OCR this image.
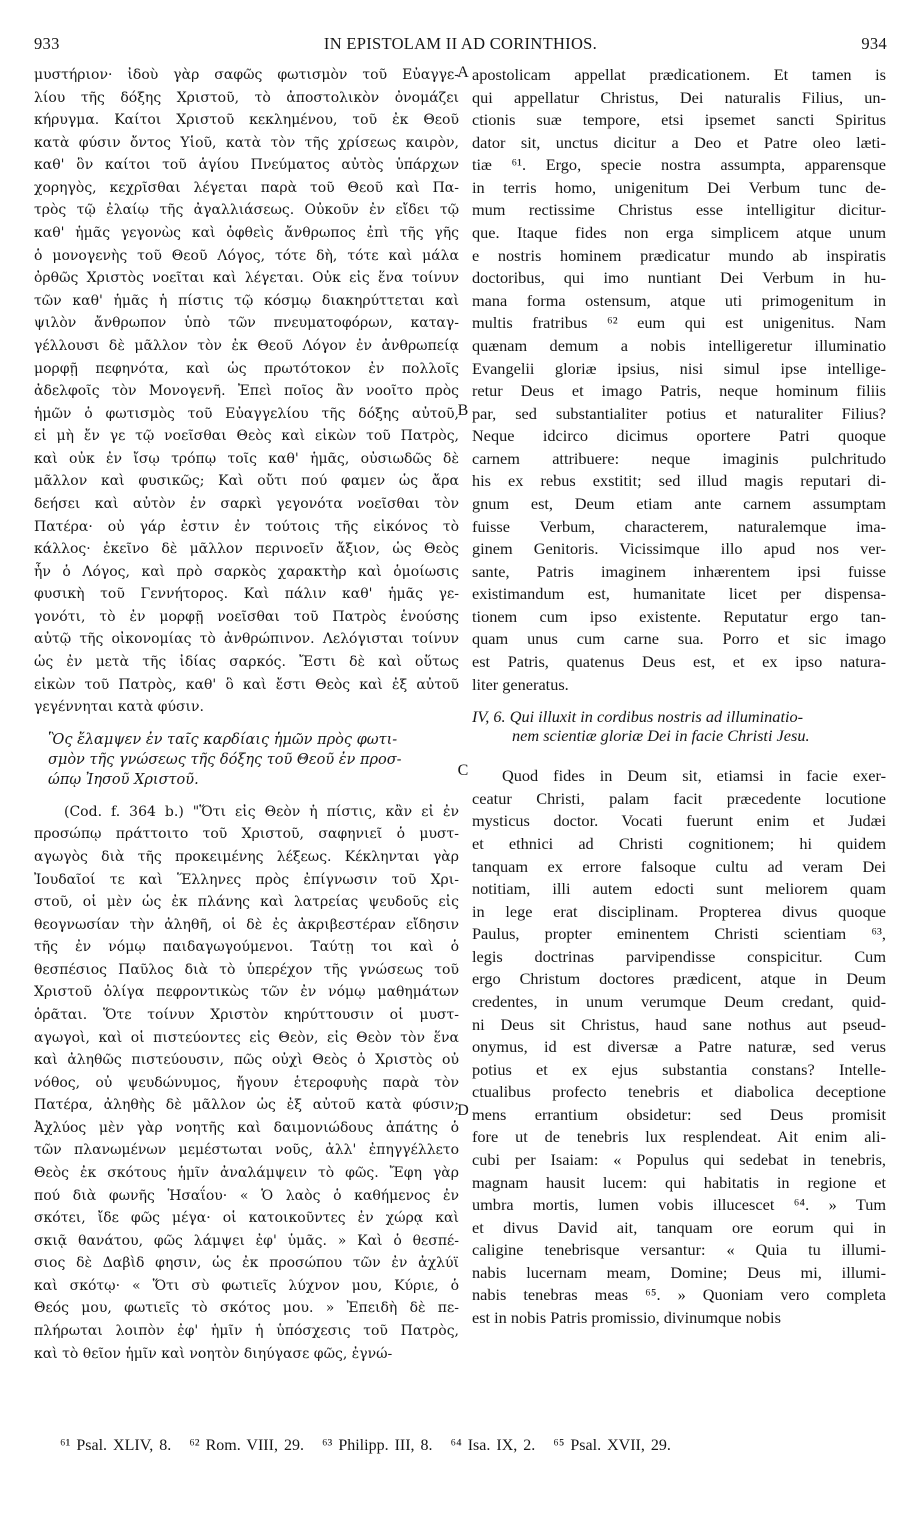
933	IN EPISTOLAM II AD CORINTHIOS.	934
A
B
C
D
μυστήριον· ἰδοὺ γὰρ σαφῶς φωτισμὸν τοῦ Εὐαγγε-
λίου τῆς δόξης Χριστοῦ, τὸ ἀποστολικὸν ὀνομάζει
κήρυγμα. Καίτοι Χριστοῦ κεκλημένου, τοῦ ἐκ Θεοῦ
κατὰ φύσιν ὄντος Υἱοῦ, κατὰ τὸν τῆς χρίσεως καιρὸν,
καθ' ὃν καίτοι τοῦ ἁγίου Πνεύματος αὐτὸς ὑπάρχων
χορηγὸς, κεχρῖσθαι λέγεται παρὰ τοῦ Θεοῦ καὶ Πα-
τρὸς τῷ ἐλαίῳ τῆς ἀγαλλιάσεως. Οὐκοῦν ἐν εἴδει τῷ
καθ' ἡμᾶς γεγονὼς καὶ ὀφθεὶς ἄνθρωπος ἐπὶ τῆς γῆς
ὁ μονογενὴς τοῦ Θεοῦ Λόγος, τότε δὴ, τότε καὶ μάλα
ὀρθῶς Χριστὸς νοεῖται καὶ λέγεται. Οὐκ εἰς ἕνα τοίνυν
τῶν καθ' ἡμᾶς ἡ πίστις τῷ κόσμῳ διακηρύττεται καὶ
ψιλὸν ἄνθρωπον ὑπὸ τῶν πνευματοφόρων, καταγ-
γέλλουσι δὲ μᾶλλον τὸν ἐκ Θεοῦ Λόγον ἐν ἀνθρωπείᾳ
μορφῇ πεφηνότα, καὶ ὡς πρωτότοκον ἐν πολλοῖς
ἀδελφοῖς τὸν Μονογενῆ. Ἐπεὶ ποῖος ἂν νοοῖτο πρὸς
ἡμῶν ὁ φωτισμὸς τοῦ Εὐαγγελίου τῆς δόξης αὐτοῦ,
εἰ μὴ ἔν γε τῷ νοεῖσθαι Θεὸς καὶ εἰκὼν τοῦ Πατρὸς,
καὶ οὐκ ἐν ἴσῳ τρόπῳ τοῖς καθ' ἡμᾶς, οὐσιωδῶς δὲ
μᾶλλον καὶ φυσικῶς; Καὶ οὔτι πού φαμεν ὡς ἄρα
δεήσει καὶ αὐτὸν ἐν σαρκὶ γεγονότα νοεῖσθαι τὸν
Πατέρα· οὐ γάρ ἐστιν ἐν τούτοις τῆς εἰκόνος τὸ
κάλλος· ἐκεῖνο δὲ μᾶλλον περινοεῖν ἄξιον, ὡς Θεὸς
ἦν ὁ Λόγος, καὶ πρὸ σαρκὸς χαρακτὴρ καὶ ὁμοίωσις
φυσικὴ τοῦ Γεννήτορος. Καὶ πάλιν καθ' ἡμᾶς γε-
γονότι, τὸ ἐν μορφῇ νοεῖσθαι τοῦ Πατρὸς ἑνούσης
αὐτῷ τῆς οἰκονομίας τὸ ἀνθρώπινον. Λελόγισται τοίνυν
ὡς ἐν μετὰ τῆς ἰδίας σαρκός. Ἔστι δὲ καὶ οὕτως
εἰκὼν τοῦ Πατρὸς, καθ' ὃ καὶ ἔστι Θεὸς καὶ ἐξ αὐτοῦ
γεγέννηται κατὰ φύσιν.
Ὃς ἔλαμψεν ἐν ταῖς καρδίαις ἡμῶν πρὸς φωτι-
σμὸν τῆς γνώσεως τῆς δόξης τοῦ Θεοῦ ἐν προσ-
ώπῳ Ἰησοῦ Χριστοῦ.
(Cod. f. 364 b.) "Ὅτι εἰς Θεὸν ἡ πίστις, κἂν εἰ ἐν
προσώπῳ πράττοιτο τοῦ Χριστοῦ, σαφηνιεῖ ὁ μυστ-
αγωγὸς διὰ τῆς προκειμένης λέξεως. Κέκληνται γὰρ
Ἰουδαῖοί τε καὶ Ἕλληνες πρὸς ἐπίγνωσιν τοῦ Χρι-
στοῦ, οἱ μὲν ὡς ἐκ πλάνης καὶ λατρείας ψευδοῦς εἰς
θεογνωσίαν τὴν ἀληθῆ, οἱ δὲ ἐς ἀκριβεστέραν εἴδησιν
τῆς ἐν νόμῳ παιδαγωγούμενοι. Ταύτῃ τοι καὶ ὁ
θεσπέσιος Παῦλος διὰ τὸ ὑπερέχον τῆς γνώσεως τοῦ
Χριστοῦ ὀλίγα πεφροντικὼς τῶν ἐν νόμῳ μαθημάτων
ὁρᾶται. Ὅτε τοίνυν Χριστὸν κηρύττουσιν οἱ μυστ-
αγωγοὶ, καὶ οἱ πιστεύοντες εἰς Θεὸν, εἰς Θεὸν τὸν ἕνα
καὶ ἀληθῶς πιστεύουσιν, πῶς οὐχὶ Θεὸς ὁ Χριστὸς οὐ
νόθος, οὐ ψευδώνυμος, ἤγουν ἑτεροφυὴς παρὰ τὸν
Πατέρα, ἀληθὴς δὲ μᾶλλον ὡς ἐξ αὐτοῦ κατὰ φύσιν;
Ἀχλύος μὲν γὰρ νοητῆς καὶ δαιμονιώδους ἀπάτης ὁ
τῶν πλανωμένων μεμέστωται νοῦς, ἀλλ' ἐπηγγέλλετο
Θεὸς ἐκ σκότους ἡμῖν ἀναλάμψειν τὸ φῶς. Ἔφη γὰρ
πού διὰ φωνῆς Ἡσαΐου· « Ὁ λαὸς ὁ καθήμενος ἐν
σκότει, ἴδε φῶς μέγα· οἱ κατοικοῦντες ἐν χώρᾳ καὶ
σκιᾷ θανάτου, φῶς λάμψει ἐφ' ὑμᾶς. » Καὶ ὁ θεσπέ-
σιος δὲ Δαβὶδ φησιν, ὡς ἐκ προσώπου τῶν ἐν ἀχλύϊ
καὶ σκότῳ· « Ὅτι σὺ φωτιεῖς λύχνον μου, Κύριε, ὁ
Θεός μου, φωτιεῖς τὸ σκότος μου. » Ἐπειδὴ δὲ πε-
πλήρωται λοιπὸν ἐφ' ἡμῖν ἡ ὑπόσχεσις τοῦ Πατρὸς,
καὶ τὸ θεῖον ἡμῖν καὶ νοητὸν διηύγασε φῶς, ἐγνώ-
apostolicam appellat prædicationem. Et tamen is
qui appellatur Christus, Dei naturalis Filius, un-
ctionis suæ tempore, etsi ipsemet sancti Spiritus
dator sit, unctus dicitur a Deo et Patre oleo læti-
tiæ ⁶¹. Ergo, specie nostra assumpta, apparensque
in terris homo, unigenitum Dei Verbum tunc de-
mum rectissime Christus esse intelligitur dicitur-
que. Itaque fides non erga simplicem atque unum
e nostris hominem prædicatur mundo ab inspiratis
doctoribus, qui imo nuntiant Dei Verbum in hu-
mana forma ostensum, atque uti primogenitum in
multis fratribus ⁶² eum qui est unigenitus. Nam
quænam demum a nobis intelligeretur illuminatio
Evangelii gloriæ ipsius, nisi simul ipse intellige-
retur Deus et imago Patris, neque hominum filiis
par, sed substantialiter potius et naturaliter Filius?
Neque idcirco dicimus oportere Patri quoque
carnem attribuere: neque imaginis pulchritudo
his ex rebus exstitit; sed illud magis reputari di-
gnum est, Deum etiam ante carnem assumptam
fuisse Verbum, characterem, naturalemque ima-
ginem Genitoris. Vicissimque illo apud nos ver-
sante, Patris imaginem inhærentem ipsi fuisse
existimandum est, humanitate licet per dispensa-
tionem cum ipso existente. Reputatur ergo tan-
quam unus cum carne sua. Porro et sic imago
est Patris, quatenus Deus est, et ex ipso natura-
liter generatus.
IV, 6. Qui illuxit in cordibus nostris ad illuminatio-
nem scientiæ gloriæ Dei in facie Christi Jesu.
Quod fides in Deum sit, etiamsi in facie exer-
ceatur Christi, palam facit præcedente locutione
mysticus doctor. Vocati fuerunt enim et Judæi
et ethnici ad Christi cognitionem; hi quidem
tanquam ex errore falsoque cultu ad veram Dei
notitiam, illi autem edocti sunt meliorem quam
in lege erat disciplinam. Propterea divus quoque
Paulus, propter eminentem Christi scientiam ⁶³,
legis doctrinas parvipendisse conspicitur. Cum
ergo Christum doctores prædicent, atque in Deum
credentes, in unum verumque Deum credant, quid-
ni Deus sit Christus, haud sane nothus aut pseud-
onymus, id est diversæ a Patre naturæ, sed verus
potius et ex ejus substantia constans? Intelle-
ctualibus profecto tenebris et diabolica deceptione
mens errantium obsidetur: sed Deus promisit
fore ut de tenebris lux resplendeat. Ait enim ali-
cubi per Isaiam: « Populus qui sedebat in tenebris,
magnam hausit lucem: qui habitatis in regione et
umbra mortis, lumen vobis illucescet ⁶⁴. » Tum
et divus David ait, tanquam ore eorum qui in
caligine tenebrisque versantur: « Quia tu illumi-
nabis lucernam meam, Domine; Deus mi, illumi-
nabis tenebras meas ⁶⁵. » Quoniam vero completa
est in nobis Patris promissio, divinumque nobis
⁶¹ Psal. XLIV, 8. ⁶² Rom. VIII, 29. ⁶³ Philipp. III, 8. ⁶⁴ Isa. IX, 2. ⁶⁵ Psal. XVII, 29.
